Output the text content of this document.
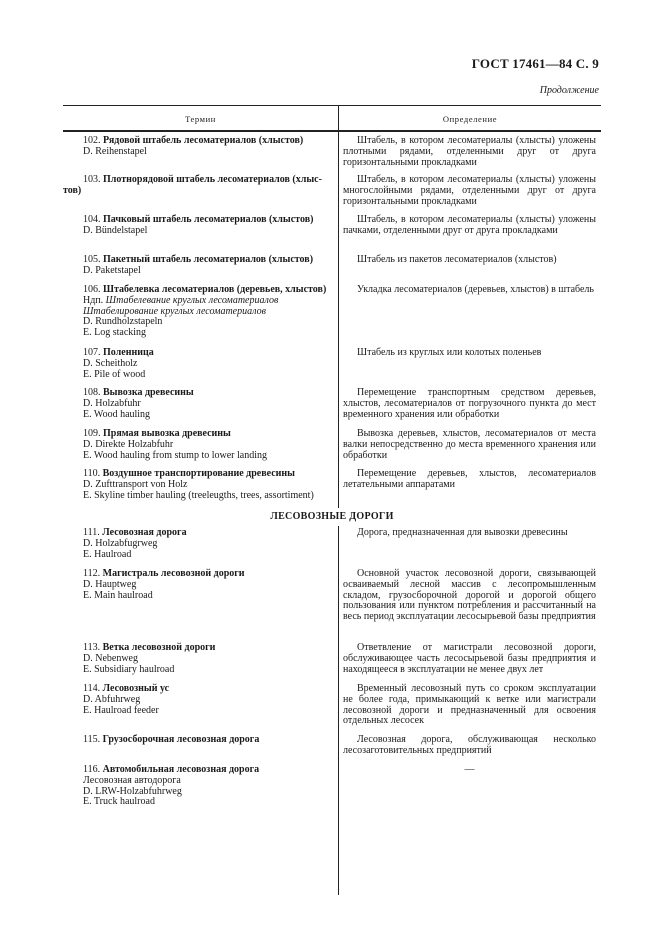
ГОСТ 17461—84 С. 9
Продолжение
Термин	Определение
102. Рядовой штабель лесоматериалов (хлыстов)
D. Reihenstapel
Штабель, в котором лесоматериалы (хлысты) уложены плотными рядами, отделенными друг от друга горизонтальными прокладками
103. Плотнорядовой штабель лесоматериалов (хлыс-
тов)
Штабель, в котором лесоматериалы (хлысты) уложены многослойными рядами, отделенными друг от друга горизонтальными прокладками
104. Пачковый штабель лесоматериалов (хлыстов)
D. Bündelstapel
Штабель, в котором лесоматериалы (хлысты) уложены пачками, отделенными друг от друга прокладками
105. Пакетный штабель лесоматериалов (хлыстов)
D. Paketstapel
Штабель из пакетов лесоматериалов (хлыстов)
106. Штабелевка лесоматериалов (деревьев, хлыстов)
Ндп. Штабелевание круглых лесоматериалов
Штабелирование круглых лесоматериалов
D. Rundholzstapeln
E. Log stacking
Укладка лесоматериалов (деревьев, хлыстов) в штабель
107. Поленница
D. Scheitholz
E. Pile of wood
Штабель из круглых или колотых поленьев
108. Вывозка древесины
D. Holzabfuhr
E. Wood hauling
Перемещение транспортным средством деревьев, хлыстов, лесоматериалов от погрузочного пункта до мест временного хранения или обработки
109. Прямая вывозка древесины
D. Direkte Holzabfuhr
E. Wood hauling from stump to lower landing
Вывозка деревьев, хлыстов, лесоматериалов от места валки непосредственно до места временного хранения или обработки
110. Воздушное транспортирование древесины
D. Zufttransport von Holz
E. Skyline timber hauling (treeleugths, trees, assortiment)
Перемещение деревьев, хлыстов, лесоматериалов летательными аппаратами
ЛЕСОВОЗНЫЕ ДОРОГИ
111. Лесовозная дорога
D. Holzabfugrweg
E. Haulroad
Дорога, предназначенная для вывозки древесины
112. Магистраль лесовозной дороги
D. Hauptweg
E. Main haulroad
Основной участок лесовозной дороги, связывающей осваиваемый лесной массив с лесопромышленным складом, грузосборочной дорогой и дорогой общего пользования или пунктом потребления и рассчитанный на весь период эксплуатации лесосырьевой базы предприятия
113. Ветка лесовозной дороги
D. Nebenweg
E. Subsidiary haulroad
Ответвление от магистрали лесовозной дороги, обслуживающее часть лесосырьевой базы предприятия и находящееся в эксплуатации не менее двух лет
114. Лесовозный ус
D. Abfuhrweg
E. Haulroad feeder
Временный лесовозный путь со сроком эксплуатации не более года, примыкающий к ветке или магистрали лесовозной дороги и предназначенный для освоения отдельных лесосек
115. Грузосборочная лесовозная дорога	Лесовозная дорога, обслуживающая несколько лесозаготовительных предприятий
116. Автомобильная лесовозная дорога
Лесовозная автодорога
D. LRW-Holzabfuhrweg
E. Truck haulroad
—
